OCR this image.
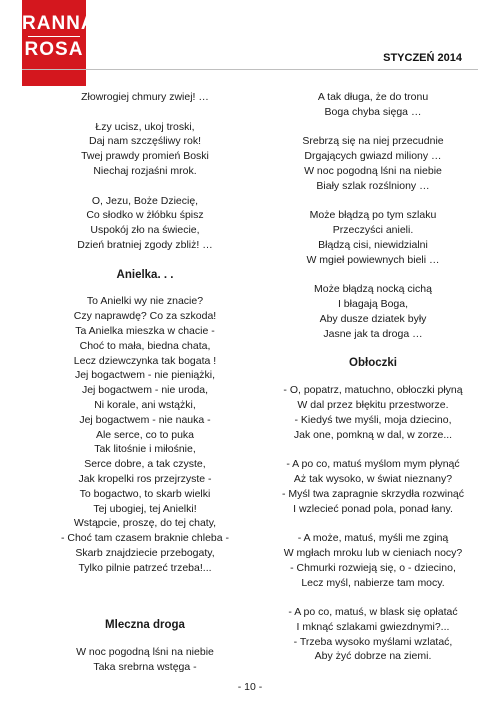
RANNA
ROSA	STYCZEŃ 2014
Złowrogiej chmury zwiej! …
Łzy ucisz, ukoj troski,
Daj nam szczęśliwy rok!
Twej prawdy promień Boski
Niechaj rozjaśni mrok.
O, Jezu, Boże Dziecię,
Co słodko w żłóbku śpisz
Uspokój zło na świecie,
Dzień bratniej zgody zbliż! …
Anielka. . .
To Anielki wy nie znacie?
Czy naprawdę? Co za szkoda!
Ta Anielka mieszka w chacie -
Choć to mała, biedna chata,
Lecz dziewczynka tak bogata !
Jej bogactwem - nie pieniążki,
Jej bogactwem - nie uroda,
Ni korale, ani wstążki,
Jej bogactwem - nie nauka -
Ale serce, co to puka
Tak litośnie i miłośnie,
Serce dobre, a tak czyste,
Jak kropelki ros przejrzyste -
To bogactwo, to skarb wielki
Tej ubogiej, tej Anielki!
Wstąpcie, proszę, do tej chaty,
- Choć tam czasem braknie chleba -
Skarb znajdziecie przebogaty,
Tylko pilnie patrzeć trzeba!...
Mleczna droga
W noc pogodną lśni na niebie
Taka srebrna wstęga -
A tak długa, że do tronu
Boga chyba sięga …
Srebrzą się na niej przecudnie
Drgających gwiazd miliony …
W noc pogodną lśni na niebie
Biały szlak rozślniony …
Może błądzą po tym szlaku
Przeczyści anieli.
Błądzą cisi, niewidzialni
W mgieł powiewnych bieli …
Może błądzą nocką cichą
I błagają Boga,
Aby dusze dziatek były
Jasne jak ta droga …
Obłoczki
- O, popatrz, matuchno, obłoczki płyną
W dal przez błękitu przestworze.
- Kiedyś twe myśli, moja dziecino,
Jak one, pomkną w dal, w zorze...
- A po co, matuś myślom mym płynąć
Aż tak wysoko, w świat nieznany?
- Myśl twa zapragnie skrzydła rozwinąć
I wzlecieć ponad pola, ponad łany.
- A może, matuś, myśli me zginą
W mgłach mroku lub w cieniach nocy?
- Chmurki rozwieją się, o - dziecino,
Lecz myśl, nabierze tam mocy.
- A po co, matuś, w blask się opłatać
I mknąć szlakami gwiezdnymi?...
- Trzeba wysoko myślami wzlatać,
Aby żyć dobrze na ziemi.
- 10 -
